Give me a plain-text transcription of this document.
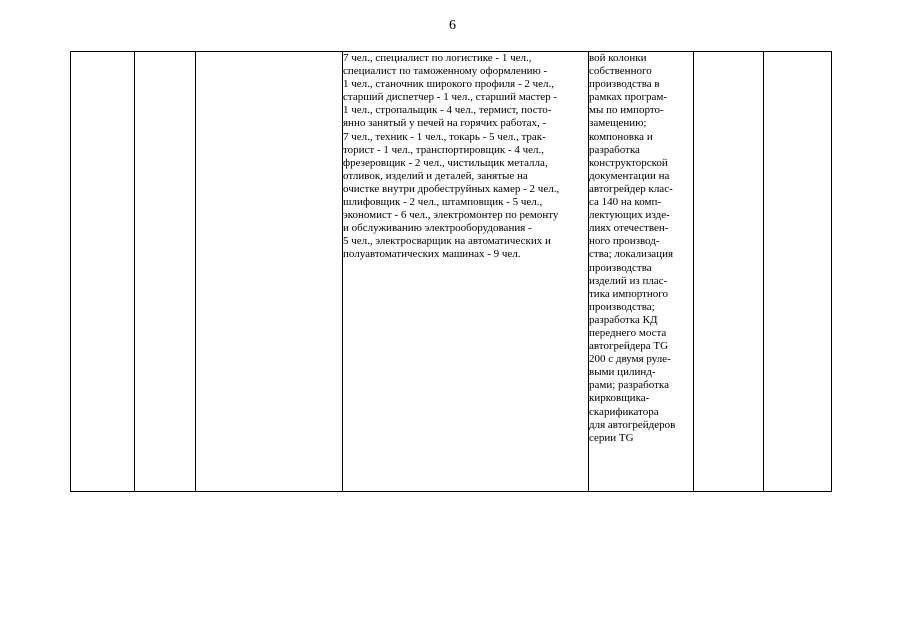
6

7 чел., специалист по логистике - 1 чел.,
специалист по таможенному оформлению -
1 чел., станочник широкого профиля - 2 чел.,
старший диспетчер - 1 чел., старший мастер -
1 чел., стропальщик - 4 чел., термист, посто-
янно занятый у печей на горячих работах, -
7 чел., техник - 1 чел., токарь - 5 чел., трак-
торист - 1 чел., транспортировщик - 4 чел.,
фрезеровщик - 2 чел., чистильщик металла,
отливок, изделий и деталей, занятые на
очистке внутри дробеструйных камер - 2 чел.,
шлифовщик - 2 чел., штамповщик - 5 чел.,
экономист - 6 чел., электромонтер по ремонту
и обслуживанию электрооборудования -
5 чел., электросварщик на автоматических и
полуавтоматических машинах - 9 чел.

вой колонки
собственного
производства в
рамках програм-
мы по импорто-
замещению;
компоновка и
разработка
конструкторской
документации на
автогрейдер клас-
са 140 на комп-
лектующих изде-
лиях отечествен-
ного производ-
ства; локализация
производства
изделий из плас-
тика импортного
производства;
разработка КД
переднего моста
автогрейдера TG
200 с двумя руле-
выми цилинд-
рами; разработка
кирковщика-
скарификатора
для автогрейдеров
серии TG
